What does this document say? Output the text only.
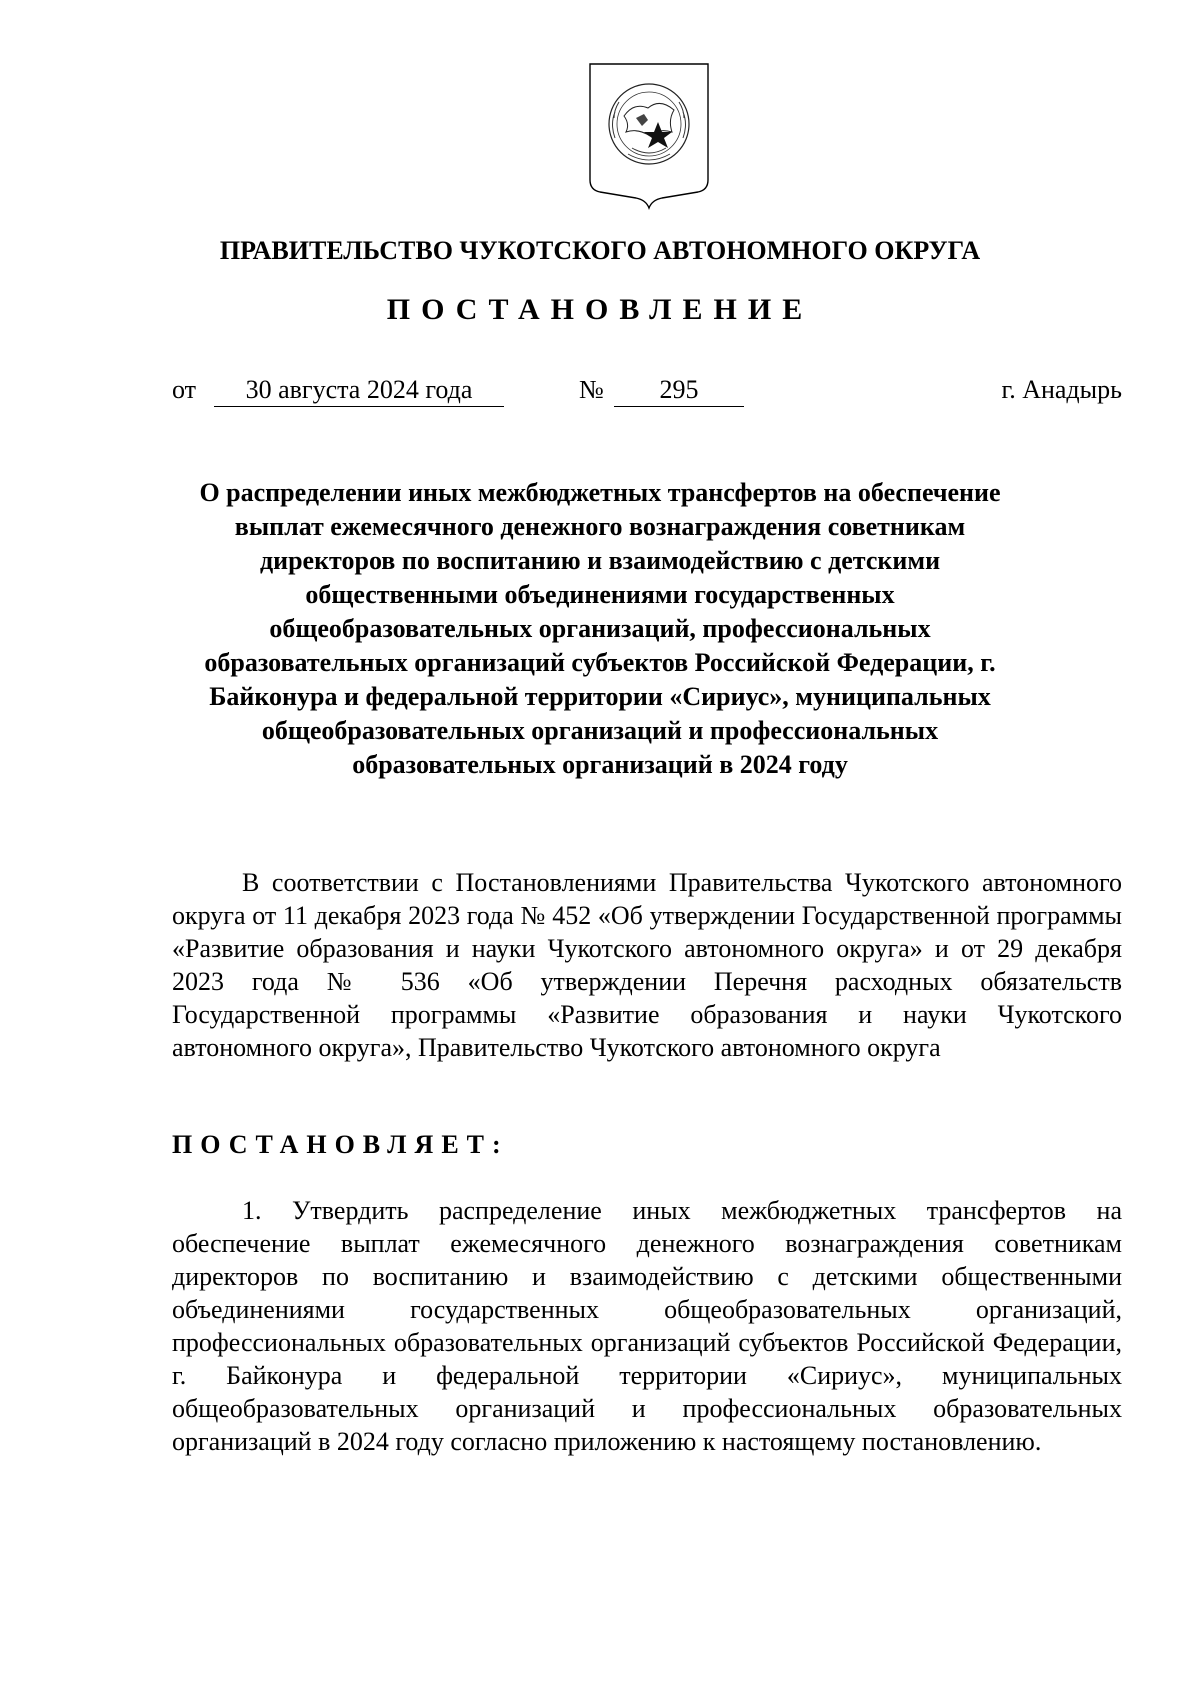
ПРАВИТЕЛЬСТВО ЧУКОТСКОГО АВТОНОМНОГО ОКРУГА
ПОСТАНОВЛЕНИЕ
от	30 августа 2024 года	№	295	г. Анадырь
О распределении иных межбюджетных трансфертов на обеспечение выплат ежемесячного денежного вознаграждения советникам директоров по воспитанию и взаимодействию с детскими общественными объединениями государственных общеобразовательных организаций, профессиональных образовательных организаций субъектов Российской Федерации, г. Байконура и федеральной территории «Сириус», муниципальных общеобразовательных организаций и профессиональных образовательных организаций в 2024 году

В соответствии с Постановлениями Правительства Чукотского автономного округа от 11 декабря 2023 года № 452 «Об утверждении Государственной программы «Развитие образования и науки Чукотского автономного округа» и от 29 декабря 2023 года № 536 «Об утверждении Перечня расходных обязательств Государственной программы «Развитие образования и науки Чукотского автономного округа», Правительство Чукотского автономного округа

ПОСТАНОВЛЯЕТ:

1. Утвердить распределение иных межбюджетных трансфертов на обеспечение выплат ежемесячного денежного вознаграждения советникам директоров по воспитанию и взаимодействию с детскими общественными объединениями государственных общеобразовательных организаций, профессиональных образовательных организаций субъектов Российской Федерации, г. Байконура и федеральной территории «Сириус», муниципальных общеобразовательных организаций и профессиональных образовательных организаций в 2024 году согласно приложению к настоящему постановлению.
